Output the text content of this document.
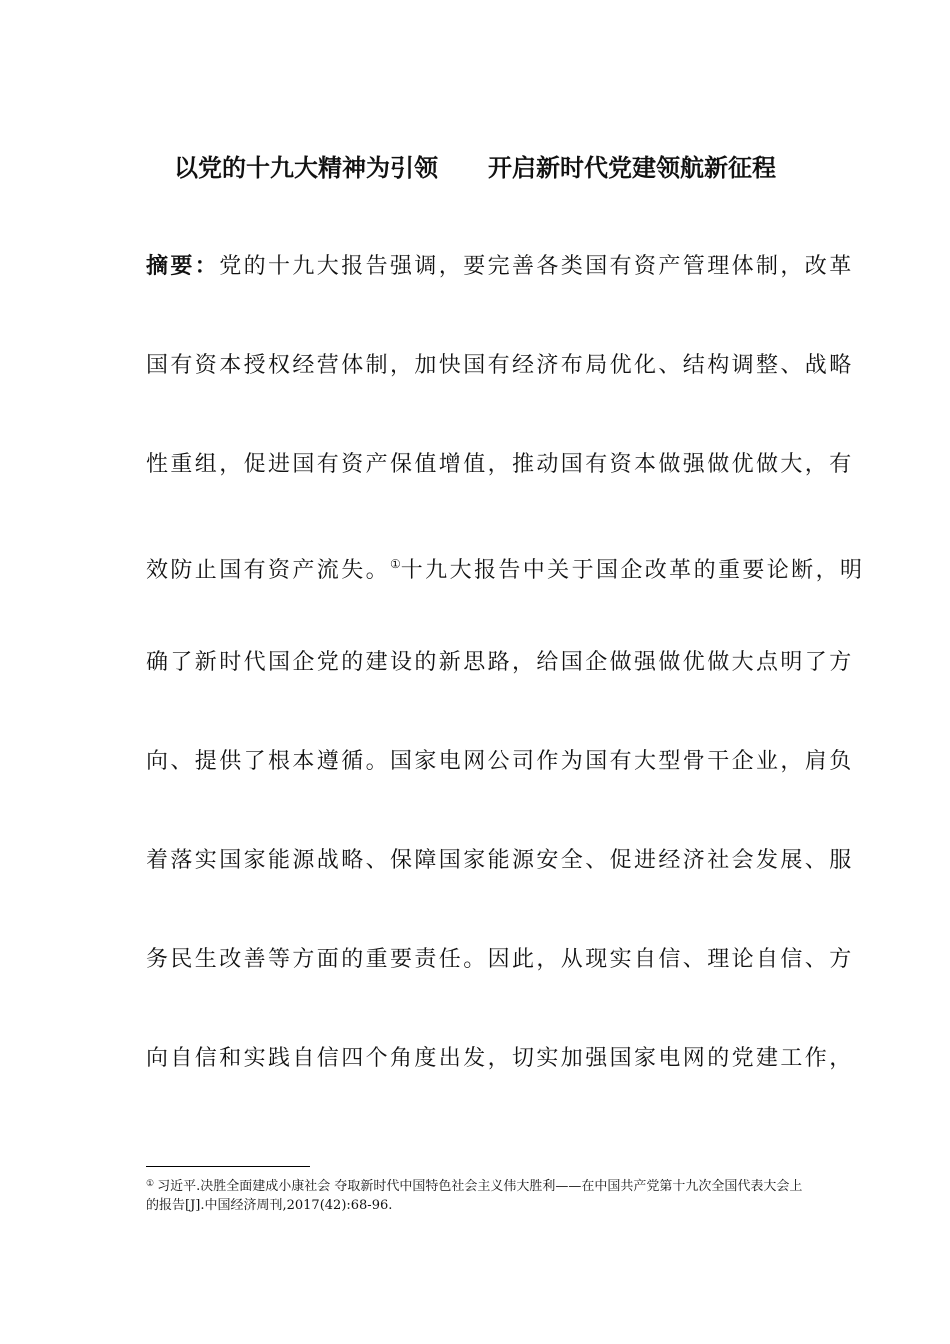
以党的十九大精神为引领 开启新时代党建领航新征程
摘要：党的十九大报告强调，要完善各类国有资产管理体制，改革
国有资本授权经营体制，加快国有经济布局优化、结构调整、战略
性重组，促进国有资产保值增值，推动国有资本做强做优做大，有
效防止国有资产流失。①十九大报告中关于国企改革的重要论断，明
确了新时代国企党的建设的新思路，给国企做强做优做大点明了方
向、提供了根本遵循。国家电网公司作为国有大型骨干企业，肩负
着落实国家能源战略、保障国家能源安全、促进经济社会发展、服
务民生改善等方面的重要责任。因此，从现实自信、理论自信、方
向自信和实践自信四个角度出发，切实加强国家电网的党建工作，
① 习近平.决胜全面建成小康社会 夺取新时代中国特色社会主义伟大胜利——在中国共产党第十九次全国代表大会上的报告[J].中国经济周刊,2017(42):68-96.
